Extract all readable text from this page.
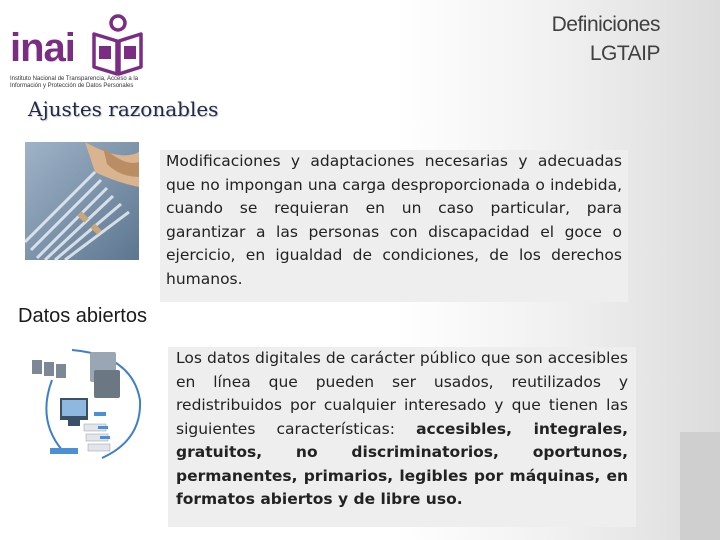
inai
Instituto Nacional de Transparencia, Acceso a la Información y Protección de Datos Personales
Definiciones
LGTAIP
Ajustes razonables
Modificaciones y adaptaciones necesarias y adecuadas que no impongan una carga desproporcionada o indebida, cuando se requieran en un caso particular, para garantizar a las personas con discapacidad el goce o ejercicio, en igualdad de condiciones, de los derechos humanos.
Datos abiertos
Los datos digitales de carácter público que son accesibles en línea que pueden ser usados, reutilizados y redistribuidos por cualquier interesado y que tienen las siguientes características: accesibles, integrales, gratuitos, no discriminatorios, oportunos, permanentes, primarios, legibles por máquinas, en formatos abiertos y de libre uso.
